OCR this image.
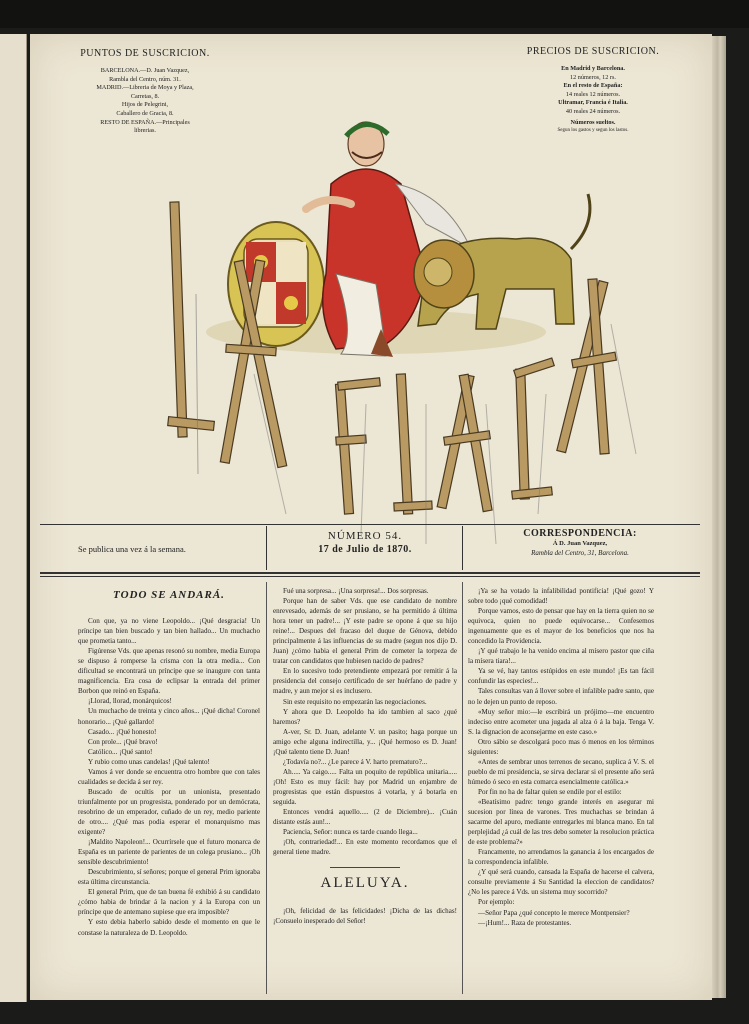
PUNTOS DE SUSCRICION.
BARCELONA.—D. Juan Vazquez,
Rambla del Centro, núm. 31.
MADRID.—Libreria de Moya y Plaza,
Carretas, 8.
Hijos de Pelegrini,
Caballero de Gracia, 8.
RESTO DE ESPAÑA.—Principales
librerias.
PRECIOS DE SUSCRICION.
En Madrid y Barcelona.
12 números, 12 rs.
En el resto de España:
14 reales 12 números.
Ultramar, Francia é Italia.
40 reales 24 números.
Números sueltos.
Segun los gastos y segun los lastos.
Se publica una vez á la semana.
NÚMERO 54.
17 de Julio de 1870.
CORRESPONDENCIA:
Á D. Juan Vazquez,
Rambla del Centro, 31, Barcelona.
TODO SE ANDARÁ.

Con que, ya no viene Leopoldo... ¡Qué desgracia! Un príncipe tan bien buscado y tan bien hallado... Un muchacho que prometia tanto...

Figúrense Vds. que apenas resonó su nombre, media Europa se dispuso á romperse la crisma con la otra media... Con dificultad se encontrará un príncipe que se inaugure con tanta magnificencia. Era cosa de eclipsar la entrada del primer Borbon que reinó en España.

¡Llorad, llorad, monárquicos!

Un muchacho de treinta y cinco años... ¡Qué dicha! Coronel honorario... ¡Qué gallardo!

Casado... ¡Qué honesto!

Con prole... ¡Qué bravo!

Católico... ¡Qué santo!

Y rubio como unas candelas! ¡Qué talento!

Vamos á ver donde se encuentra otro hombre que con tales cualidades se decida á ser rey.

Buscado de ocultis por un unionista, presentado triunfalmente por un progresista, ponderado por un demócrata, resobrino de un emperador, cuñado de un rey, medio pariente de otro.... ¿Qué mas podia esperar el monarquismo mas exigente?

¡Maldito Napoleon!... Ocurrírsele que el futuro monarca de España es un pariente de parientes de un colega prusiano... ¡Oh sensible descubrimiento!

Descubrimiento, sí señores; porque el general Prim ignoraba esta última circunstancia.

El general Prim, que de tan buena fé exhibió á su candidato ¿cómo habia de brindar á la nacion y á la Europa con un príncipe que de antemano supiese que era imposible?

Y esto debia haberlo sabido desde el momento en que le constase la naturaleza de D. Leopoldo.

Fué una sorpresa... ¡Una sorpresa!... Dos sorpresas.

Porque han de saber Vds. que ese candidato de nombre enrevesado, además de ser prusiano, se ha permitido á última hora tener un padre!... ¡Y este padre se opone á que su hijo reine!... Despues del fracaso del duque de Génova, debido principalmente á las influencias de su madre (segun nos dijo D. Juan) ¿cómo habia el general Prim de cometer la torpeza de tratar con candidatos que hubiesen nacido de padres?

En lo sucesivo todo pretendiente empezará por remitir á la presidencia del consejo certificado de ser huérfano de padre y madre, y aun mejor si es inclusero.

Sin este requisito no empezarán las negociaciones.

Y ahora que D. Leopoldo ha ido tambien al saco ¿qué haremos?

A-ver, Sr. D. Juan, adelante V. un pasito; haga porque un amigo eche alguna indirectilla, y... ¡Qué hermoso es D. Juan! ¡Qué talento tiene D. Juan!

¿Todavía no?... ¿Le parece á V. harto prematuro?...

Ah..... Ya caigo..... Falta un poquito de república unitaria..... ¡Oh! Esto es muy fácil: hay por Madrid un enjambre de progresistas que están dispuestos á votarla, y á botarla en seguida.

Entonces vendrá aquello..... (2 de Diciembre)... ¡Cuán distante estás aun!...

Paciencia, Señor: nunca es tarde cuando llega...

¡Oh, contrariedad!... En este momento recordamos que el general tiene madre.

ALELUYA.

¡Oh, felicidad de las felicidades! ¡Dicha de las dichas! ¡Consuelo inesperado del Señor!

¡Ya se ha votado la infalibilidad pontificia! ¡Qué gozo! Y sobre todo ¡qué comodidad!

Porque vamos, esto de pensar que hay en la tierra quien no se equivoca, quien no puede equivocarse... Confesemos ingenuamente que es el mayor de los beneficios que nos ha concedido la Providencia.

¡Y qué trabajo le ha venido encima al mísero pastor que ciña la mísera tiara!...

Ya se vé, hay tantos estúpidos en este mundo! ¡Es tan fácil confundir las especies!...

Tales consultas van á llover sobre el infalible padre santo, que no le dejen un punto de reposo.

«Muy señor mio:—le escribirá un prójimo—me encuentro indeciso entre acometer una jugada al alza ó á la baja. Tenga V. S. la dignacion de aconsejarme en este caso.»

Otro sábio se descolgará poco mas ó menos en los términos siguientes:

«Antes de sembrar unos terrenos de secano, suplica á V. S. el pueblo de mi presidencia, se sirva declarar si el presente año será húmedo ó seco en esta comarca esencialmente católica.»

Por fin no ha de faltar quien se endile por el estilo:

«Beatísimo padre: tengo grande interés en asegurar mi sucesion por línea de varones. Tres muchachas se brindan á sacarme del apuro, mediante entregarles mi blanca mano. En tal perplejidad ¿á cuál de las tres debo someter la resolucion práctica de este problema?»

Francamente, no arrendamos la ganancia á los encargados de la correspondencia infalible.

¿Y qué será cuando, cansada la España de hacerse el calvera, consulte previamente á Su Santidad la eleccion de candidatos? ¿No les parece á Vds. un sistema muy socorrido?

Por ejemplo:

—Señor Papa ¿qué concepto le merece Montpensier?

—¡Hum!... Raza de protestantes.
